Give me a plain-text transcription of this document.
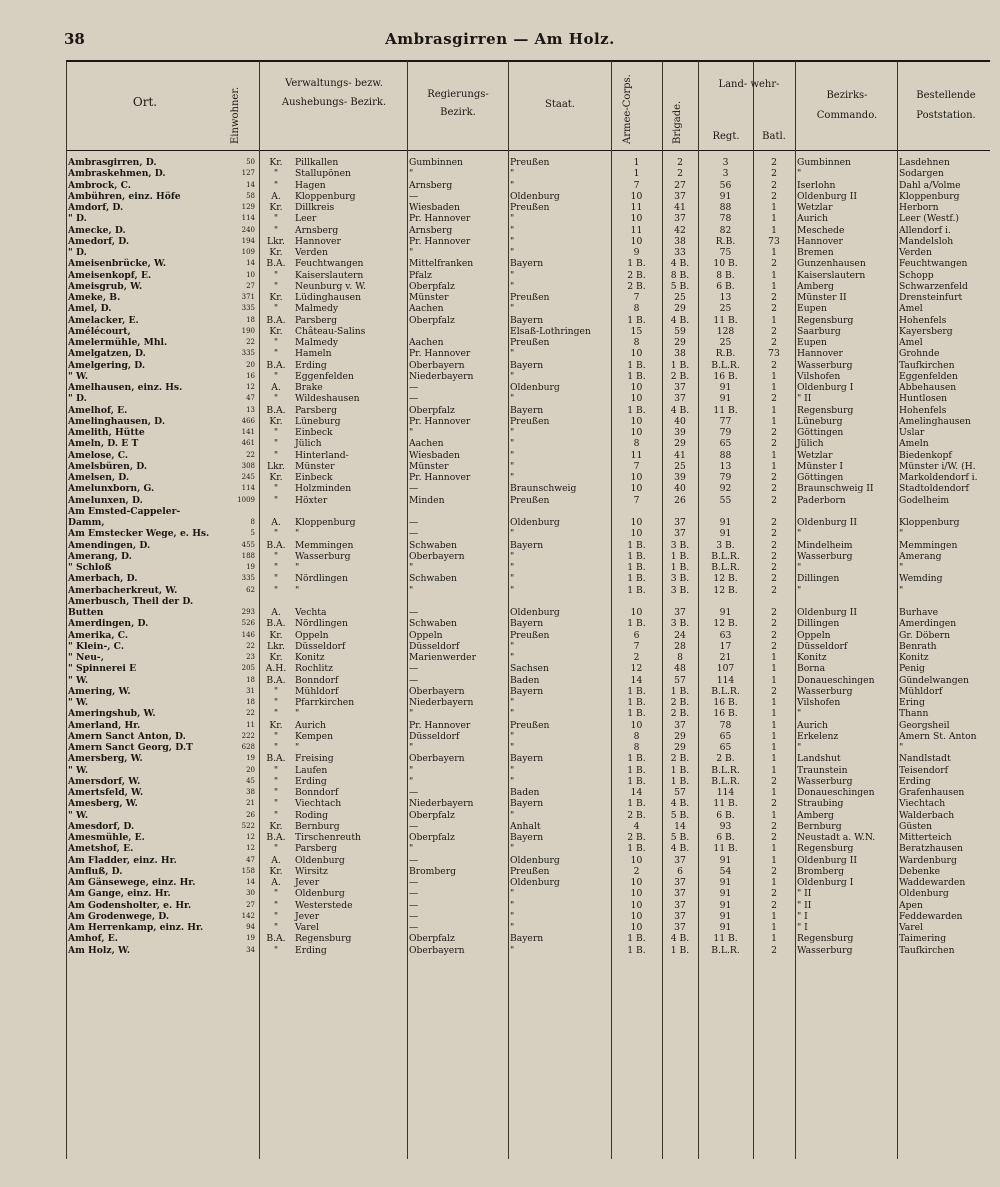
38	Ambrasgirren — Am Holz.
Ort.	Einwohner.
Verwaltungs- bezw. Aushebungs- Bezirk.
Regierungs- Bezirk.
Staat.	Armee-Corps.	Brigade.
Land- wehr-
Regt.	Batl.
Bezirks- Commando.
Bestellende Poststation.
Ambrasgirren, D.	50	Kr.	Pillkallen	Gumbinnen	Preußen	1	2	3	2	Gumbinnen	Lasdehnen
Ambraskehmen, D.	127	"	Stallupönen	"	"	1	2	3	2	"	Sodargen
Ambrock, C.	14	"	Hagen	Arnsberg	"	7	27	56	2	Iserlohn	Dahl a/Volme
Ambühren, einz. Höfe	58	A.	Kloppenburg	—	Oldenburg	10	37	91	2	Oldenburg II	Kloppenburg
Amdorf, D.	129	Kr.	Dillkreis	Wiesbaden	Preußen	11	41	88	1	Wetzlar	Herborn
" D.	114	"	Leer	Pr. Hannover	"	10	37	78	1	Aurich	Leer (Westf.)
Amecke, D.	240	"	Arnsberg	Arnsberg	"	11	42	82	1	Meschede	Allendorf i.
Amedorf, D.	194	Lkr.	Hannover	Pr. Hannover	"	10	38	R.B.	73	Hannover	Mandelsloh
" D.	109	Kr.	Verden	"	"	9	33	75	1	Bremen	Verden
Ameisenbrücke, W.	14	B.A.	Feuchtwangen	Mittelfranken	Bayern	1 B.	4 B.	10 B.	2	Gunzenhausen	Feuchtwangen
Ameisenkopf, E.	10	"	Kaiserslautern	Pfalz	"	2 B.	8 B.	8 B.	1	Kaiserslautern	Schopp
Ameisgrub, W.	27	"	Neunburg v. W.	Oberpfalz	"	2 B.	5 B.	6 B.	1	Amberg	Schwarzenfeld
Ameke, B.	371	Kr.	Lüdinghausen	Münster	Preußen	7	25	13	2	Münster II	Drensteinfurt
Amel, D.	335	"	Malmedy	Aachen	"	8	29	25	2	Eupen	Amel
Amelacker, E.	18	B.A.	Parsberg	Oberpfalz	Bayern	1 B.	4 B.	11 B.	1	Regensburg	Hohenfels
Amélécourt,	190	Kr.	Château-Salins		Elsaß-Lothringen	15	59	128	2	Saarburg	Kayersberg
Amelermühle, Mhl.	22	"	Malmedy	Aachen	Preußen	8	29	25	2	Eupen	Amel
Amelgatzen, D.	335	"	Hameln	Pr. Hannover	"	10	38	R.B.	73	Hannover	Grohnde
Amelgering, D.	20	B.A.	Erding	Oberbayern	Bayern	1 B.	1 B.	B.L.R.	2	Wasserburg	Taufkirchen
" W.	16	"	Eggenfelden	Niederbayern	"	1 B.	2 B.	16 B.	1	Vilshofen	Eggenfelden
Amelhausen, einz. Hs.	12	A.	Brake	—	Oldenburg	10	37	91	1	Oldenburg I	Abbehausen
" D.	47	"	Wildeshausen	—	"	10	37	91	2	" II	Huntlosen
Amelhof, E.	13	B.A.	Parsberg	Oberpfalz	Bayern	1 B.	4 B.	11 B.	1	Regensburg	Hohenfels
Amelinghausen, D.	466	Kr.	Lüneburg	Pr. Hannover	Preußen	10	40	77	1	Lüneburg	Amelinghausen
Amelith, Hütte	141	"	Einbeck	"	"	10	39	79	2	Göttingen	Uslar
Ameln, D. E T	461	"	Jülich	Aachen	"	8	29	65	2	Jülich	Ameln
Amelose, C.	22	"	Hinterland-	Wiesbaden	"	11	41	88	1	Wetzlar	Biedenkopf
Amelsbüren, D.	308	Lkr.	Münster	Münster	"	7	25	13	1	Münster I	Münster i/W. (H.
Amelsen, D.	245	Kr.	Einbeck	Pr. Hannover	"	10	39	79	2	Göttingen	Markoldendorf i.
Amelunxborn, G.	114	"	Holzminden	—	Braunschweig	10	40	92	2	Braunschweig II	Stadtoldendorf
Amelunxen, D.	1009	"	Höxter	Minden	Preußen	7	26	55	2	Paderborn	Godelheim
Am Emsted-Cappeler-											
Damm,	8	A.	Kloppenburg	—	Oldenburg	10	37	91	2	Oldenburg II	Kloppenburg
Am Emstecker Wege, e. Hs.	5	"	"	—	"	10	37	91	2	"	"
Amendingen, D.	455	B.A.	Memmingen	Schwaben	Bayern	1 B.	3 B.	3 B.	2	Mindelheim	Memmingen
Amerang, D.	188	"	Wasserburg	Oberbayern	"	1 B.	1 B.	B.L.R.	2	Wasserburg	Amerang
" Schloß	19	"	"	"	"	1 B.	1 B.	B.L.R.	2	"	"
Amerbach, D.	335	"	Nördlingen	Schwaben	"	1 B.	3 B.	12 B.	2	Dillingen	Wemding
Amerbacherkreut, W.	62	"	"	"	"	1 B.	3 B.	12 B.	2	"	"
Amerbusch, Theil der D.											
Butten	293	A.	Vechta	—	Oldenburg	10	37	91	2	Oldenburg II	Burhave
Amerdingen, D.	526	B.A.	Nördlingen	Schwaben	Bayern	1 B.	3 B.	12 B.	2	Dillingen	Amerdingen
Amerika, C.	146	Kr.	Oppeln	Oppeln	Preußen	6	24	63	2	Oppeln	Gr. Döbern
" Klein-, C.	22	Lkr.	Düsseldorf	Düsseldorf	"	7	28	17	2	Düsseldorf	Benrath
" Neu-,	23	Kr.	Konitz	Marienwerder	"	2	8	21	1	Konitz	Konitz
" Spinnerei E	205	A.H.	Rochlitz	—	Sachsen	12	48	107	1	Borna	Penig
" W.	18	B.A.	Bonndorf	—	Baden	14	57	114	1	Donaueschingen	Gündelwangen
Amering, W.	31	"	Mühldorf	Oberbayern	Bayern	1 B.	1 B.	B.L.R.	2	Wasserburg	Mühldorf
" W.	18	"	Pfarrkirchen	Niederbayern	"	1 B.	2 B.	16 B.	1	Vilshofen	Ering
Ameringshub, W.	22	"	"	"	"	1 B.	2 B.	16 B.	1	"	Thann
Amerland, Hr.	11	Kr.	Aurich	Pr. Hannover	Preußen	10	37	78	1	Aurich	Georgsheil
Amern Sanct Anton, D.	222	"	Kempen	Düsseldorf	"	8	29	65	1	Erkelenz	Amern St. Anton
Amern Sanct Georg, D.T	628	"	"	"	"	8	29	65	1	"	"
Amersberg, W.	19	B.A.	Freising	Oberbayern	Bayern	1 B.	2 B.	2 B.	1	Landshut	Nandlstadt
" W.	20	"	Laufen	"	"	1 B.	1 B.	B.L.R.	1	Traunstein	Teisendorf
Amersdorf, W.	45	"	Erding	"	"	1 B.	1 B.	B.L.R.	2	Wasserburg	Erding
Amertsfeld, W.	38	"	Bonndorf	—	Baden	14	57	114	1	Donaueschingen	Grafenhausen
Amesberg, W.	21	"	Viechtach	Niederbayern	Bayern	1 B.	4 B.	11 B.	2	Straubing	Viechtach
" W.	26	"	Roding	Oberpfalz	"	2 B.	5 B.	6 B.	1	Amberg	Walderbach
Amesdorf, D.	522	Kr.	Bernburg	—	Anhalt	4	14	93	2	Bernburg	Güsten
Amesmühle, E.	12	B.A.	Tirschenreuth	Oberpfalz	Bayern	2 B.	5 B.	6 B.	2	Neustadt a. W.N.	Mitterteich
Ametshof, E.	12	"	Parsberg	"	"	1 B.	4 B.	11 B.	1	Regensburg	Beratzhausen
Am Fladder, einz. Hr.	47	A.	Oldenburg	—	Oldenburg	10	37	91	1	Oldenburg II	Wardenburg
Amfluß, D.	158	Kr.	Wirsitz	Bromberg	Preußen	2	6	54	2	Bromberg	Debenke
Am Gänsewege, einz. Hr.	14	A.	Jever	—	Oldenburg	10	37	91	1	Oldenburg I	Waddewarden
Am Gange, einz. Hr.	30	"	Oldenburg	—	"	10	37	91	2	" II	Oldenburg
Am Godensholter, e. Hr.	27	"	Westerstede	—	"	10	37	91	2	" II	Apen
Am Grodenwege, D.	142	"	Jever	—	"	10	37	91	1	" I	Feddewarden
Am Herrenkamp, einz. Hr.	94	"	Varel	—	"	10	37	91	1	" I	Varel
Amhof, E.	19	B.A.	Regensburg	Oberpfalz	Bayern	1 B.	4 B.	11 B.	1	Regensburg	Taimering
Am Holz, W.	34	"	Erding	Oberbayern	"	1 B.	1 B.	B.L.R.	2	Wasserburg	Taufkirchen
